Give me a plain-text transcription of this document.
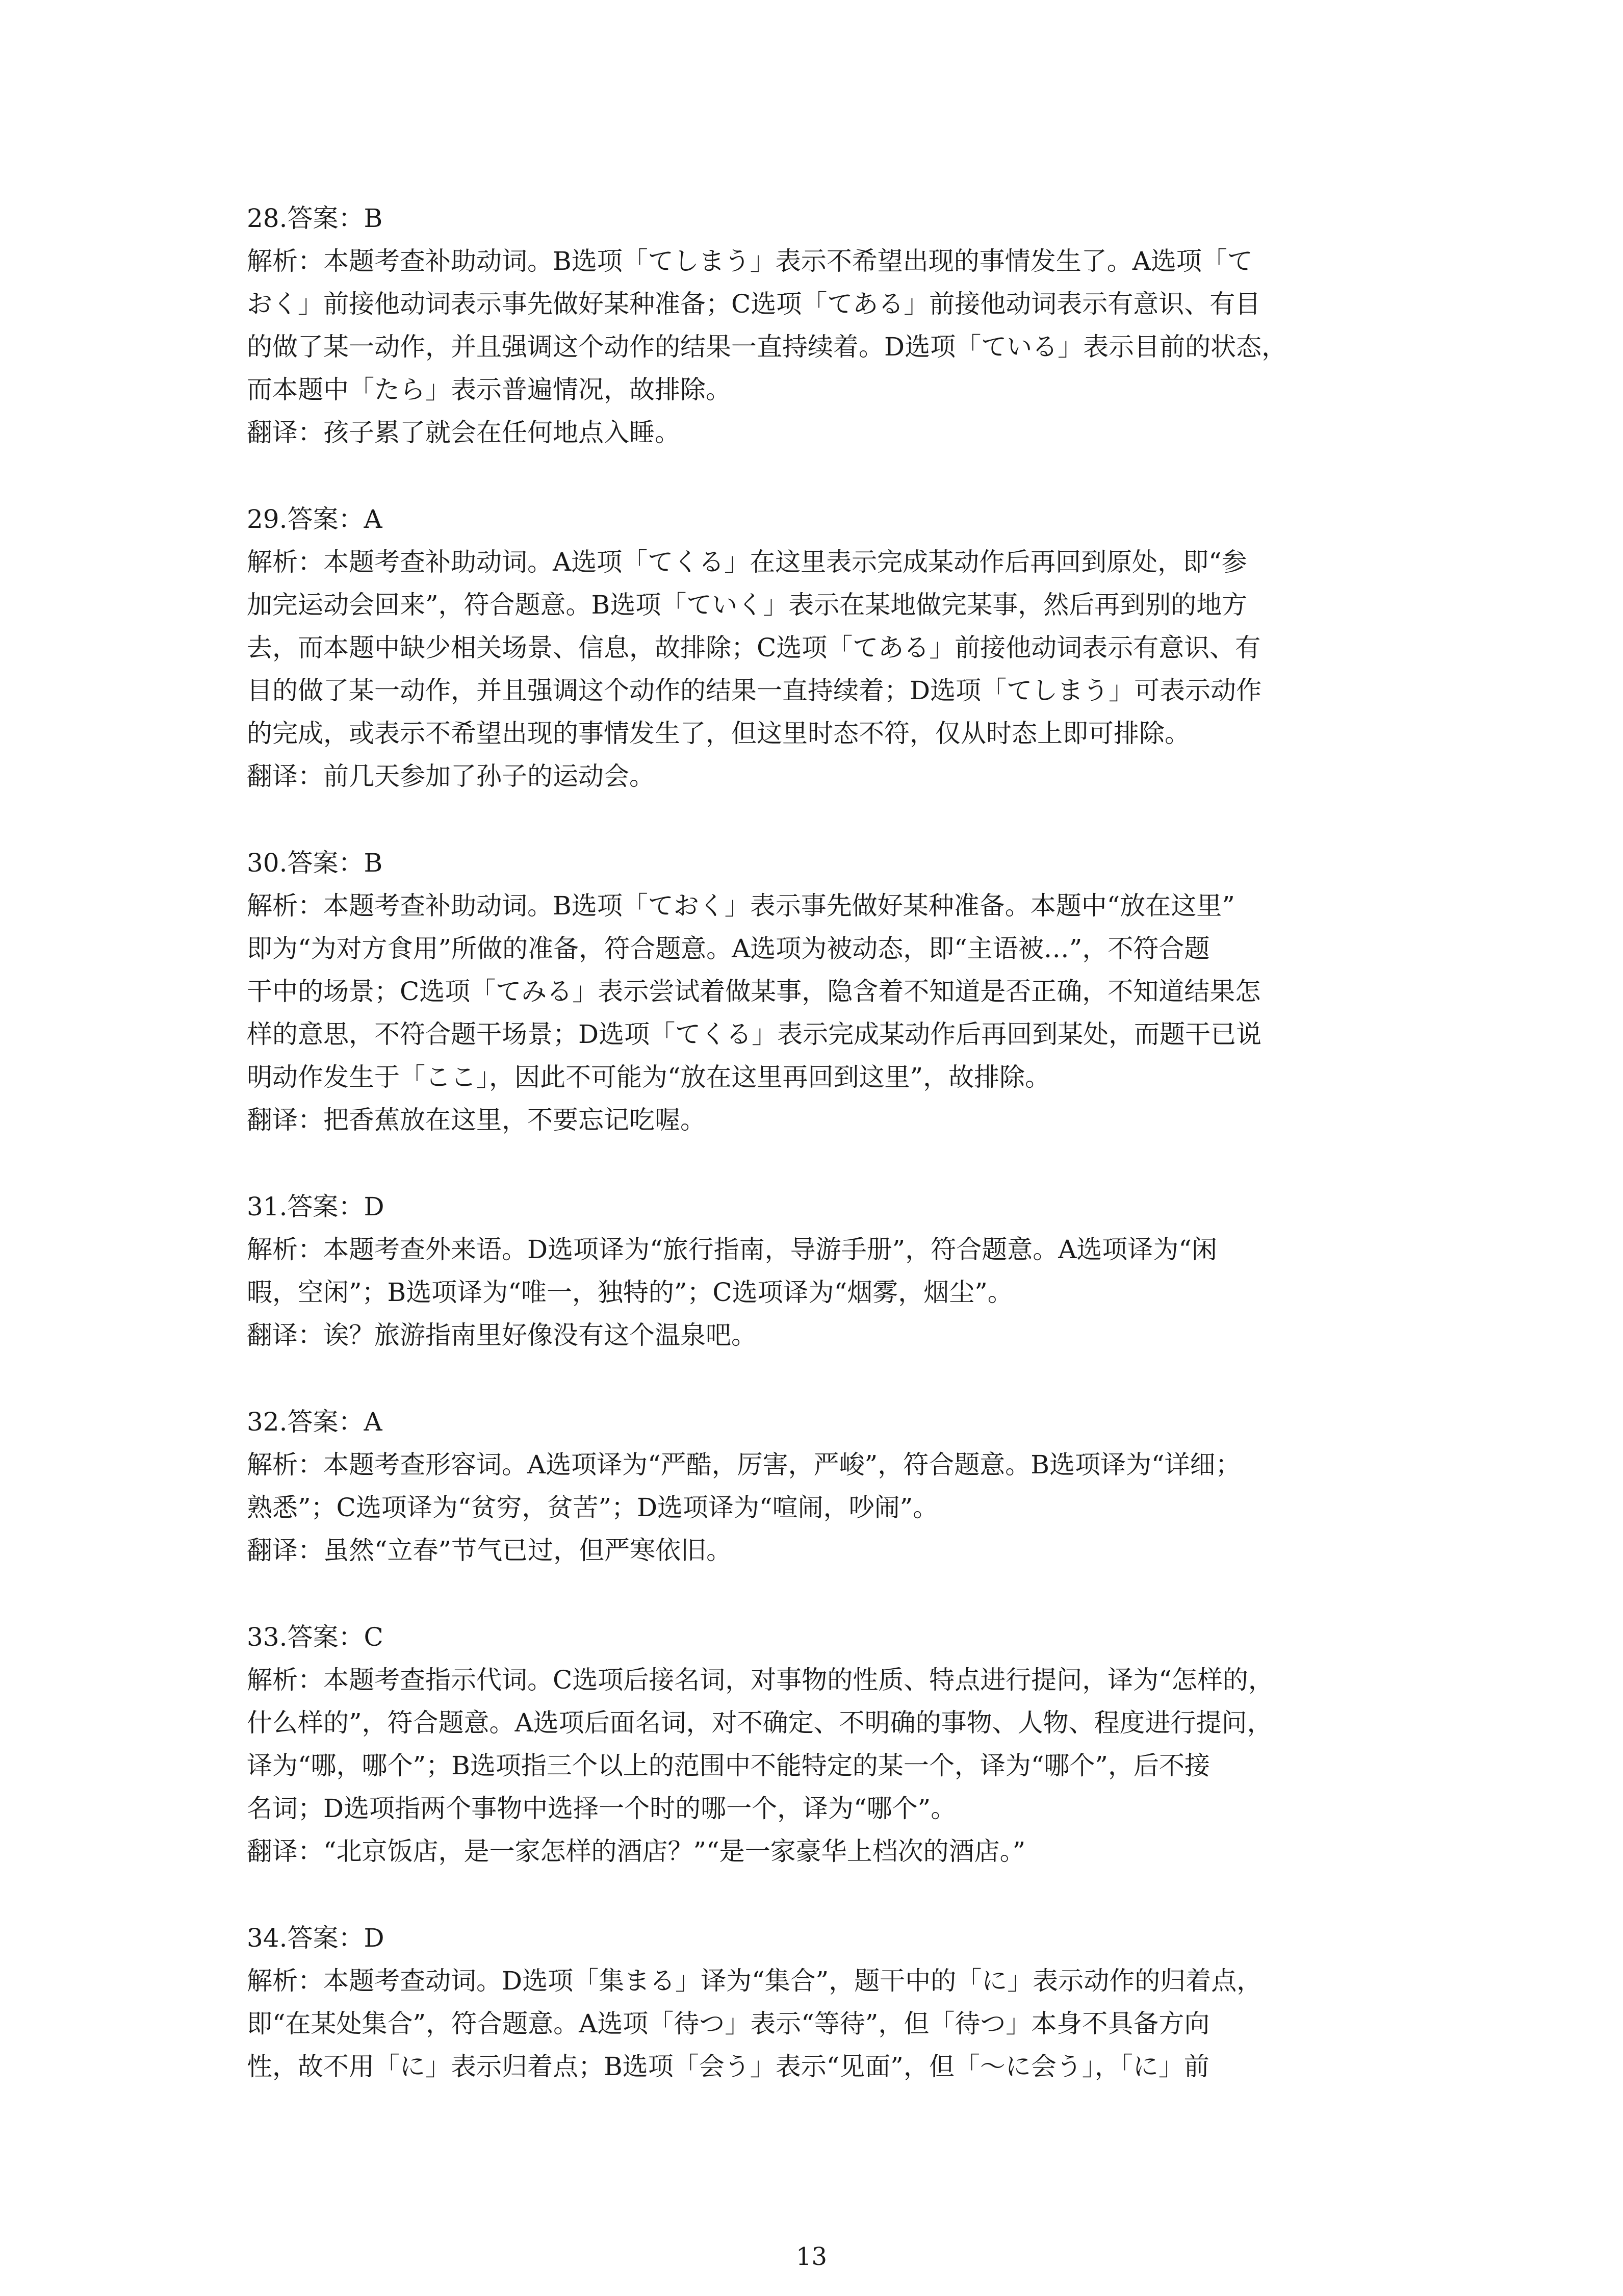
28.答案：B

解析：本题考查补助动词。B选项「てしまう」表示不希望出现的事情发生了。A选项「て

おく」前接他动词表示事先做好某种准备；C选项「てある」前接他动词表示有意识、有目

的做了某一动作，并且强调这个动作的结果一直持续着。D选项「ている」表示目前的状态，

而本题中「たら」表示普遍情况，故排除。

翻译：孩子累了就会在任何地点入睡。

29.答案：A

解析：本题考查补助动词。A选项「てくる」在这里表示完成某动作后再回到原处，即“参

加完运动会回来”，符合题意。B选项「ていく」表示在某地做完某事，然后再到别的地方

去，而本题中缺少相关场景、信息，故排除；C选项「てある」前接他动词表示有意识、有

目的做了某一动作，并且强调这个动作的结果一直持续着；D选项「てしまう」可表示动作

的完成，或表示不希望出现的事情发生了，但这里时态不符，仅从时态上即可排除。

翻译：前几天参加了孙子的运动会。

30.答案：B

解析：本题考查补助动词。B选项「ておく」表示事先做好某种准备。本题中“放在这里”

即为“为对方食用”所做的准备，符合题意。A选项为被动态，即“主语被…”，不符合题

干中的场景；C选项「てみる」表示尝试着做某事，隐含着不知道是否正确，不知道结果怎

样的意思，不符合题干场景；D选项「てくる」表示完成某动作后再回到某处，而题干已说

明动作发生于「ここ」，因此不可能为“放在这里再回到这里”，故排除。

翻译：把香蕉放在这里，不要忘记吃喔。

31.答案：D

解析：本题考查外来语。D选项译为“旅行指南，导游手册”，符合题意。A选项译为“闲

暇，空闲”；B选项译为“唯一，独特的”；C选项译为“烟雾，烟尘”。

翻译：诶？旅游指南里好像没有这个温泉吧。

32.答案：A

解析：本题考查形容词。A选项译为“严酷，厉害，严峻”，符合题意。B选项译为“详细；

熟悉”；C选项译为“贫穷，贫苦”；D选项译为“喧闹，吵闹”。

翻译：虽然“立春”节气已过，但严寒依旧。

33.答案：C

解析：本题考查指示代词。C选项后接名词，对事物的性质、特点进行提问，译为“怎样的，

什么样的”，符合题意。A选项后面名词，对不确定、不明确的事物、人物、程度进行提问，

译为“哪，哪个”；B选项指三个以上的范围中不能特定的某一个，译为“哪个”，后不接

名词；D选项指两个事物中选择一个时的哪一个，译为“哪个”。

翻译：“北京饭店，是一家怎样的酒店？”“是一家豪华上档次的酒店。”

34.答案：D

解析：本题考查动词。D选项「集まる」译为“集合”，题干中的「に」表示动作的归着点，

即“在某处集合”，符合题意。A选项「待つ」表示“等待”，但「待つ」本身不具备方向

性，故不用「に」表示归着点；B选项「会う」表示“见面”，但「～に会う」，「に」前

13
